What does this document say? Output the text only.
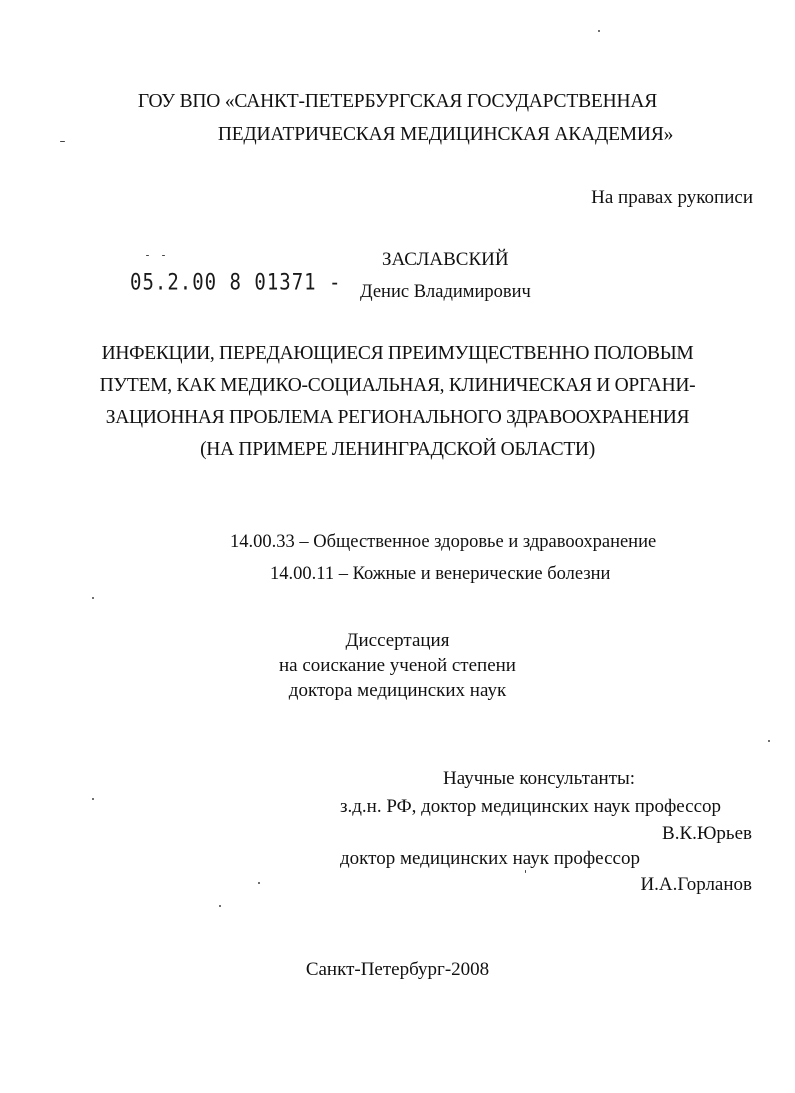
ГОУ ВПО «САНКТ-ПЕТЕРБУРГСКАЯ ГОСУДАРСТВЕННАЯ
ПЕДИАТРИЧЕСКАЯ МЕДИЦИНСКАЯ АКАДЕМИЯ»
На правах рукописи
05.2.00 8 01371 -
ЗАСЛАВСКИЙ
Денис Владимирович
ИНФЕКЦИИ, ПЕРЕДАЮЩИЕСЯ ПРЕИМУЩЕСТВЕННО ПОЛОВЫМ
ПУТЕМ, КАК МЕДИКО-СОЦИАЛЬНАЯ, КЛИНИЧЕСКАЯ И ОРГАНИ-
ЗАЦИОННАЯ ПРОБЛЕМА РЕГИОНАЛЬНОГО ЗДРАВООХРАНЕНИЯ
(НА ПРИМЕРЕ ЛЕНИНГРАДСКОЙ ОБЛАСТИ)
14.00.33 – Общественное здоровье и здравоохранение
14.00.11 – Кожные и венерические болезни
Диссертация
на соискание ученой степени
доктора медицинских наук
Научные консультанты:
з.д.н. РФ, доктор медицинских наук профессор
В.К.Юрьев
доктор медицинских наук профессор
И.А.Горланов
Санкт-Петербург-2008
